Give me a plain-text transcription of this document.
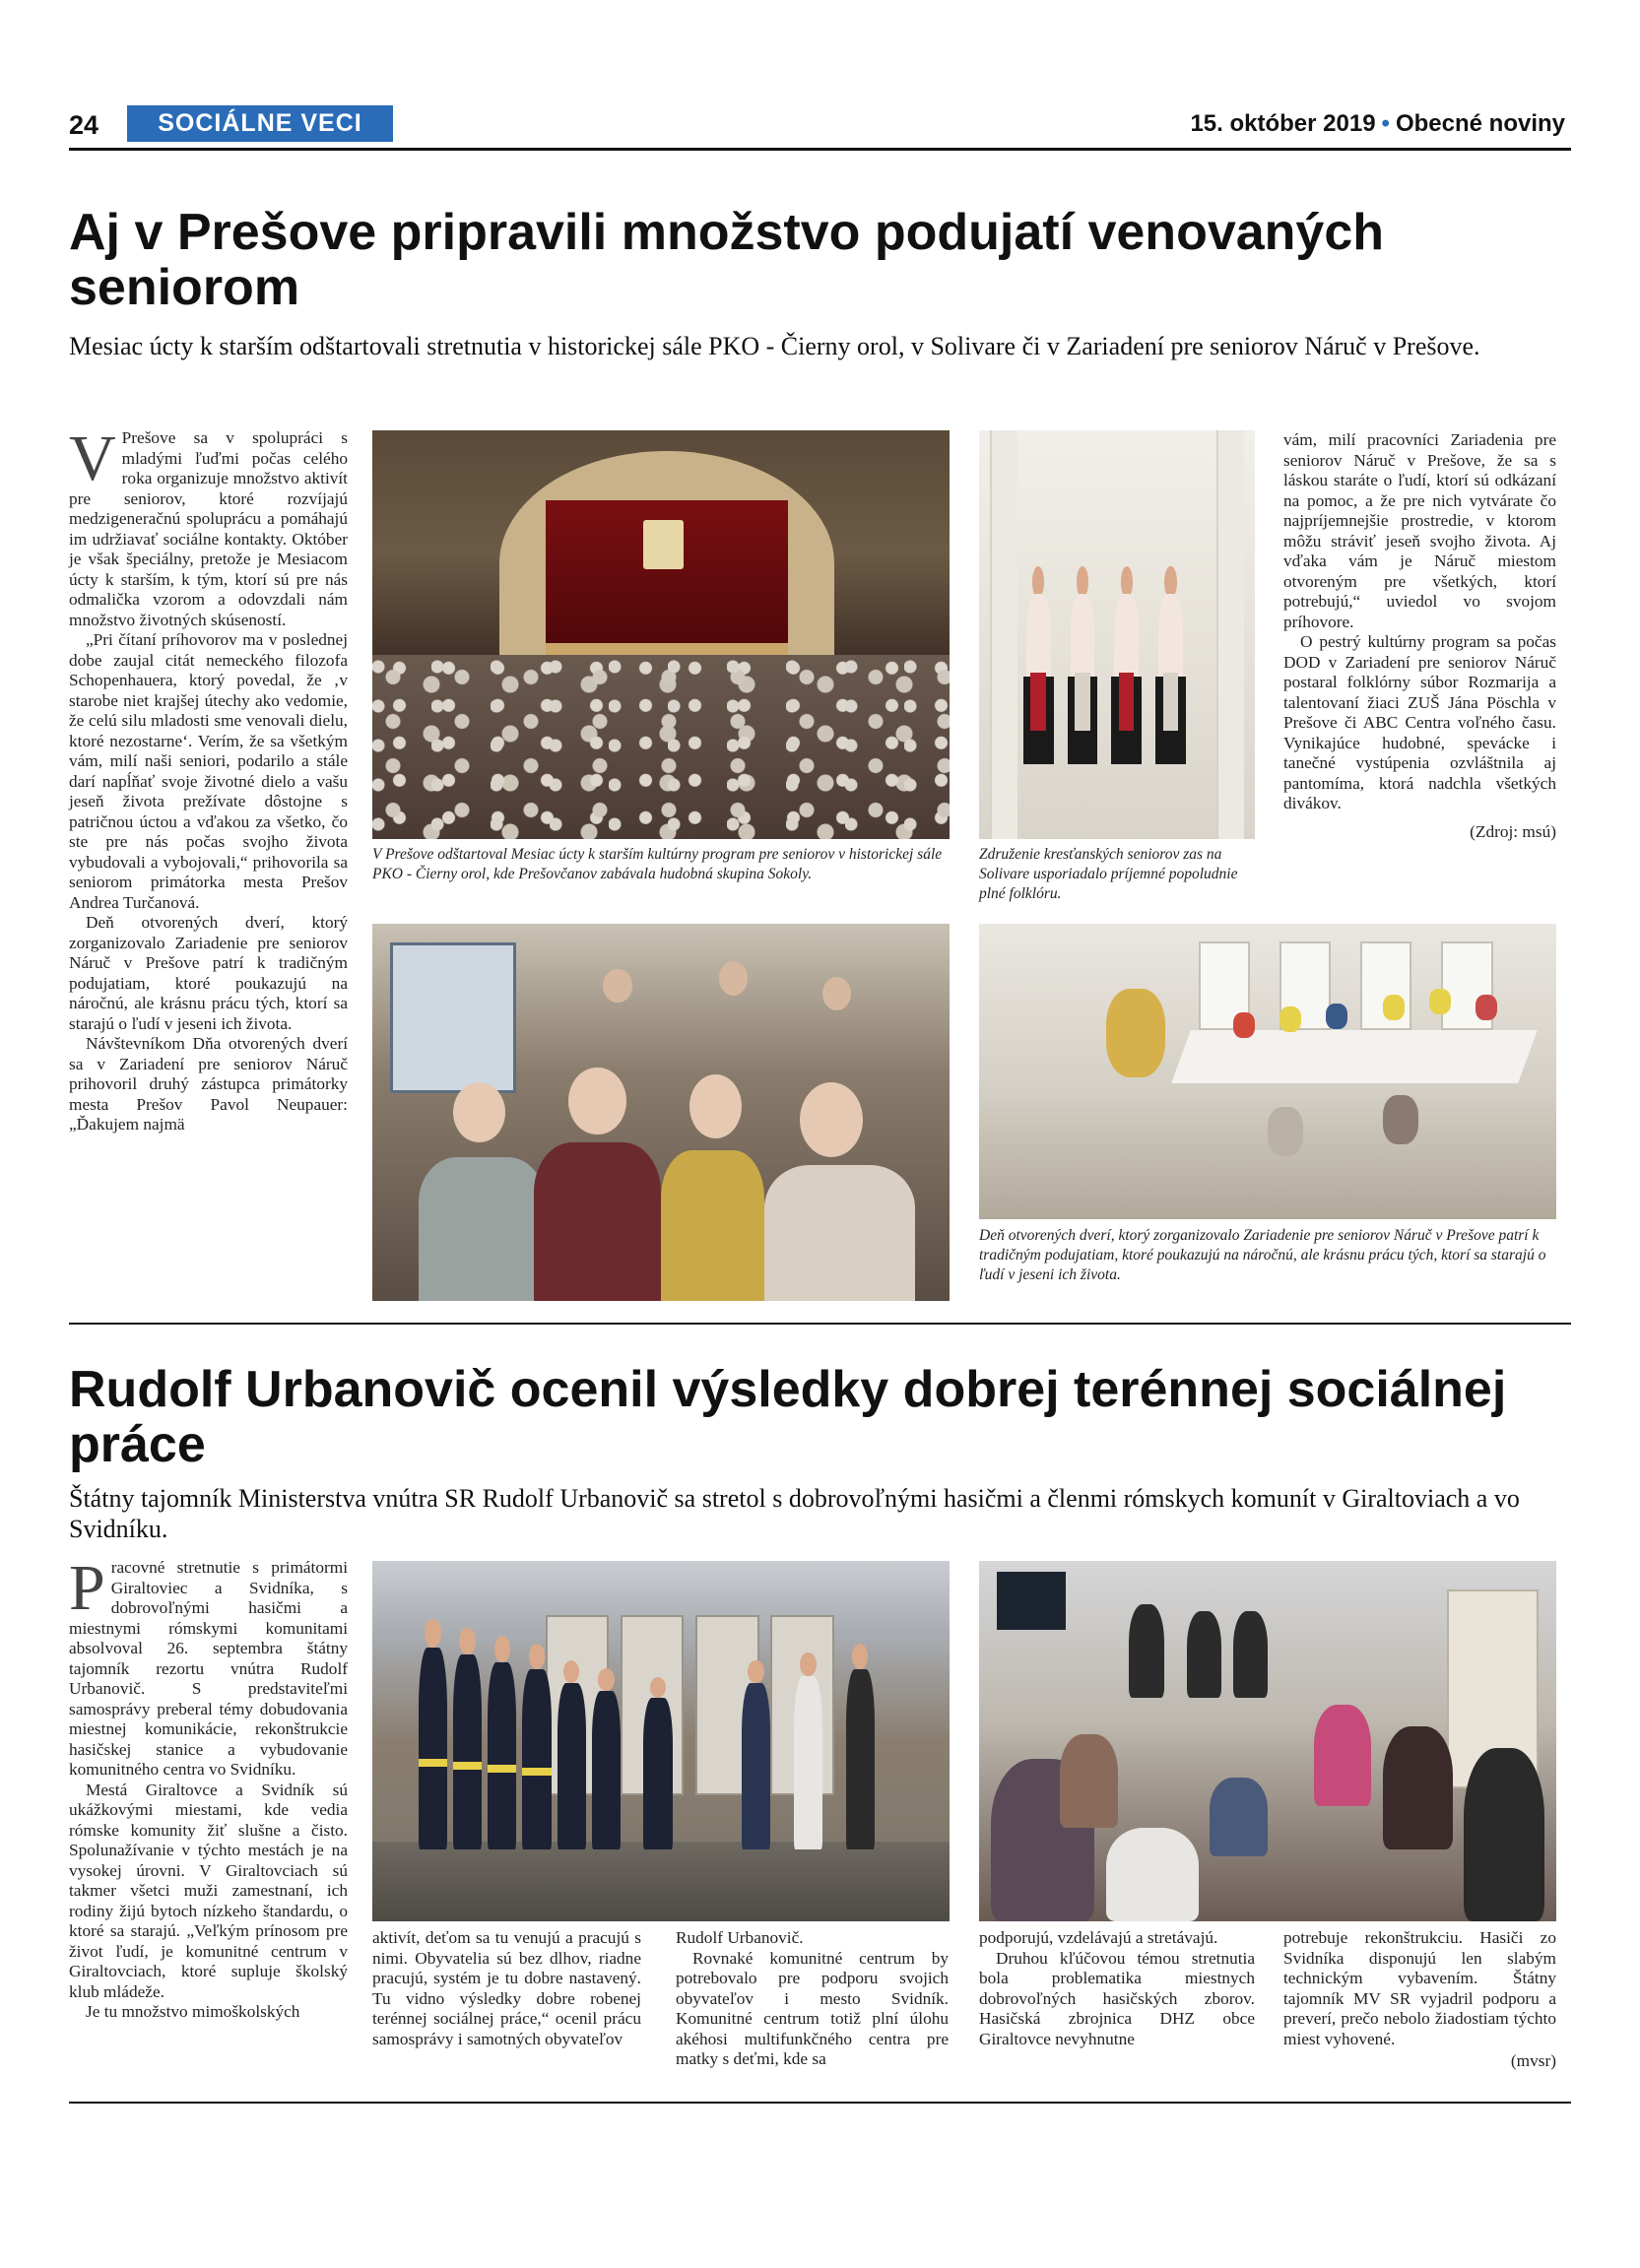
24 SOCIÁLNE VECI	15. október 2019 • Obecné noviny
Aj v Prešove pripravili množstvo podujatí venovaných seniorom

Mesiac úcty k starším odštartovali stretnutia v historickej sále PKO - Čierny orol, v Solivare či v Zariadení pre seniorov Náruč v Prešove.

V Prešove sa v spolupráci s mladými ľuďmi počas celého roka organizuje množstvo aktivít pre seniorov, ktoré rozvíjajú medzigeneračnú spoluprácu a pomáhajú im udržiavať sociálne kontakty. Október je však špeciálny, pretože je Mesiacom úcty k starším, k tým, ktorí sú pre nás odmalička vzorom a odovzdali nám množstvo životných skúseností.

„Pri čítaní príhovorov ma v poslednej dobe zaujal citát nemeckého filozofa Schopenhauera, ktorý povedal, že ‚v starobe niet krajšej útechy ako vedomie, že celú silu mladosti sme venovali dielu, ktoré nezostarne‘. Verím, že sa všetkým vám, milí naši seniori, podarilo a stále darí napĺňať svoje životné dielo a vašu jeseň života prežívate dôstojne s patričnou úctou a vďakou za všetko, čo ste pre nás počas svojho života vybudovali a vybojovali,“ prihovorila sa seniorom primátorka mesta Prešov Andrea Turčanová.

Deň otvorených dverí, ktorý zorganizovalo Zariadenie pre seniorov Náruč v Prešove patrí k tradičným podujatiam, ktoré poukazujú na náročnú, ale krásnu prácu tých, ktorí sa starajú o ľudí v jeseni ich života.

Návštevníkom Dňa otvorených dverí sa v Zariadení pre seniorov Náruč prihovoril druhý zástupca primátorky mesta Prešov Pavol Neupauer: „Ďakujem najmä

V Prešove odštartoval Mesiac úcty k starším kultúrny program pre seniorov v historickej sále PKO - Čierny orol, kde Prešovčanov zabávala hudobná skupina Sokoly.

Združenie kresťanských seniorov zas na Solivare usporiadalo príjemné popoludnie plné folklóru.

vám, milí pracovníci Zariadenia pre seniorov Náruč v Prešove, že sa s láskou staráte o ľudí, ktorí sú odkázaní na pomoc, a že pre nich vytvárate čo najpríjemnejšie prostredie, v ktorom môžu stráviť jeseň svojho života. Aj vďaka vám je Náruč miestom otvoreným pre všetkých, ktorí potrebujú,“ uviedol vo svojom príhovore.

O pestrý kultúrny program sa počas DOD v Zariadení pre seniorov Náruč postaral folklórny súbor Rozmarija a talentovaní žiaci ZUŠ Jána Pöschla v Prešove či ABC Centra voľného času. Vynikajúce hudobné, spevácke i tanečné vystúpenia ozvláštnila aj pantomíma, ktorá nadchla všetkých divákov.

(Zdroj: msú)

Deň otvorených dverí, ktorý zorganizovalo Zariadenie pre seniorov Náruč v Prešove patrí k tradičným podujatiam, ktoré poukazujú na náročnú, ale krásnu prácu tých, ktorí sa starajú o ľudí v jeseni ich života.

Rudolf Urbanovič ocenil výsledky dobrej terénnej sociálnej práce

Štátny tajomník Ministerstva vnútra SR Rudolf Urbanovič sa stretol s dobrovoľnými hasičmi a členmi rómskych komunít v Giraltoviach a vo Svidníku.

Pracovné stretnutie s primátormi Giraltoviec a Svidníka, s dobrovoľnými hasičmi a miestnymi rómskymi komunitami absolvoval 26. septembra štátny tajomník rezortu vnútra Rudolf Urbanovič. S predstaviteľmi samosprávy preberal témy dobudovania miestnej komunikácie, rekonštrukcie hasičskej stanice a vybudovanie komunitného centra vo Svidníku.

Mestá Giraltovce a Svidník sú ukážkovými miestami, kde vedia rómske komunity žiť slušne a čisto. Spolunažívanie v týchto mestách je na vysokej úrovni. V Giraltovciach sú takmer všetci muži zamestnaní, ich rodiny žijú bytoch nízkeho štandardu, o ktoré sa starajú. „Veľkým prínosom pre život ľudí, je komunitné centrum v Giraltovciach, ktoré supluje školský klub mládeže.

Je tu množstvo mimoškolských

aktivít, deťom sa tu venujú a pracujú s nimi. Obyvatelia sú bez dlhov, riadne pracujú, systém je tu dobre nastavený. Tu vidno výsledky dobre robenej terénnej sociálnej práce,“ ocenil prácu samosprávy i samotných obyvateľov

Rudolf Urbanovič.

Rovnaké komunitné centrum by potrebovalo pre podporu svojich obyvateľov i mesto Svidník. Komunitné centrum totiž plní úlohu akéhosi multifunkčného centra pre matky s deťmi, kde sa

podporujú, vzdelávajú a stretávajú.

Druhou kľúčovou témou stretnutia bola problematika miestnych dobrovoľných hasičských zborov. Hasičská zbrojnica DHZ obce Giraltovce nevyhnutne

potrebuje rekonštrukciu. Hasiči zo Svidníka disponujú len slabým technickým vybavením. Štátny tajomník MV SR vyjadril podporu a preverí, prečo nebolo žiadostiam týchto miest vyhovené.

(mvsr)
